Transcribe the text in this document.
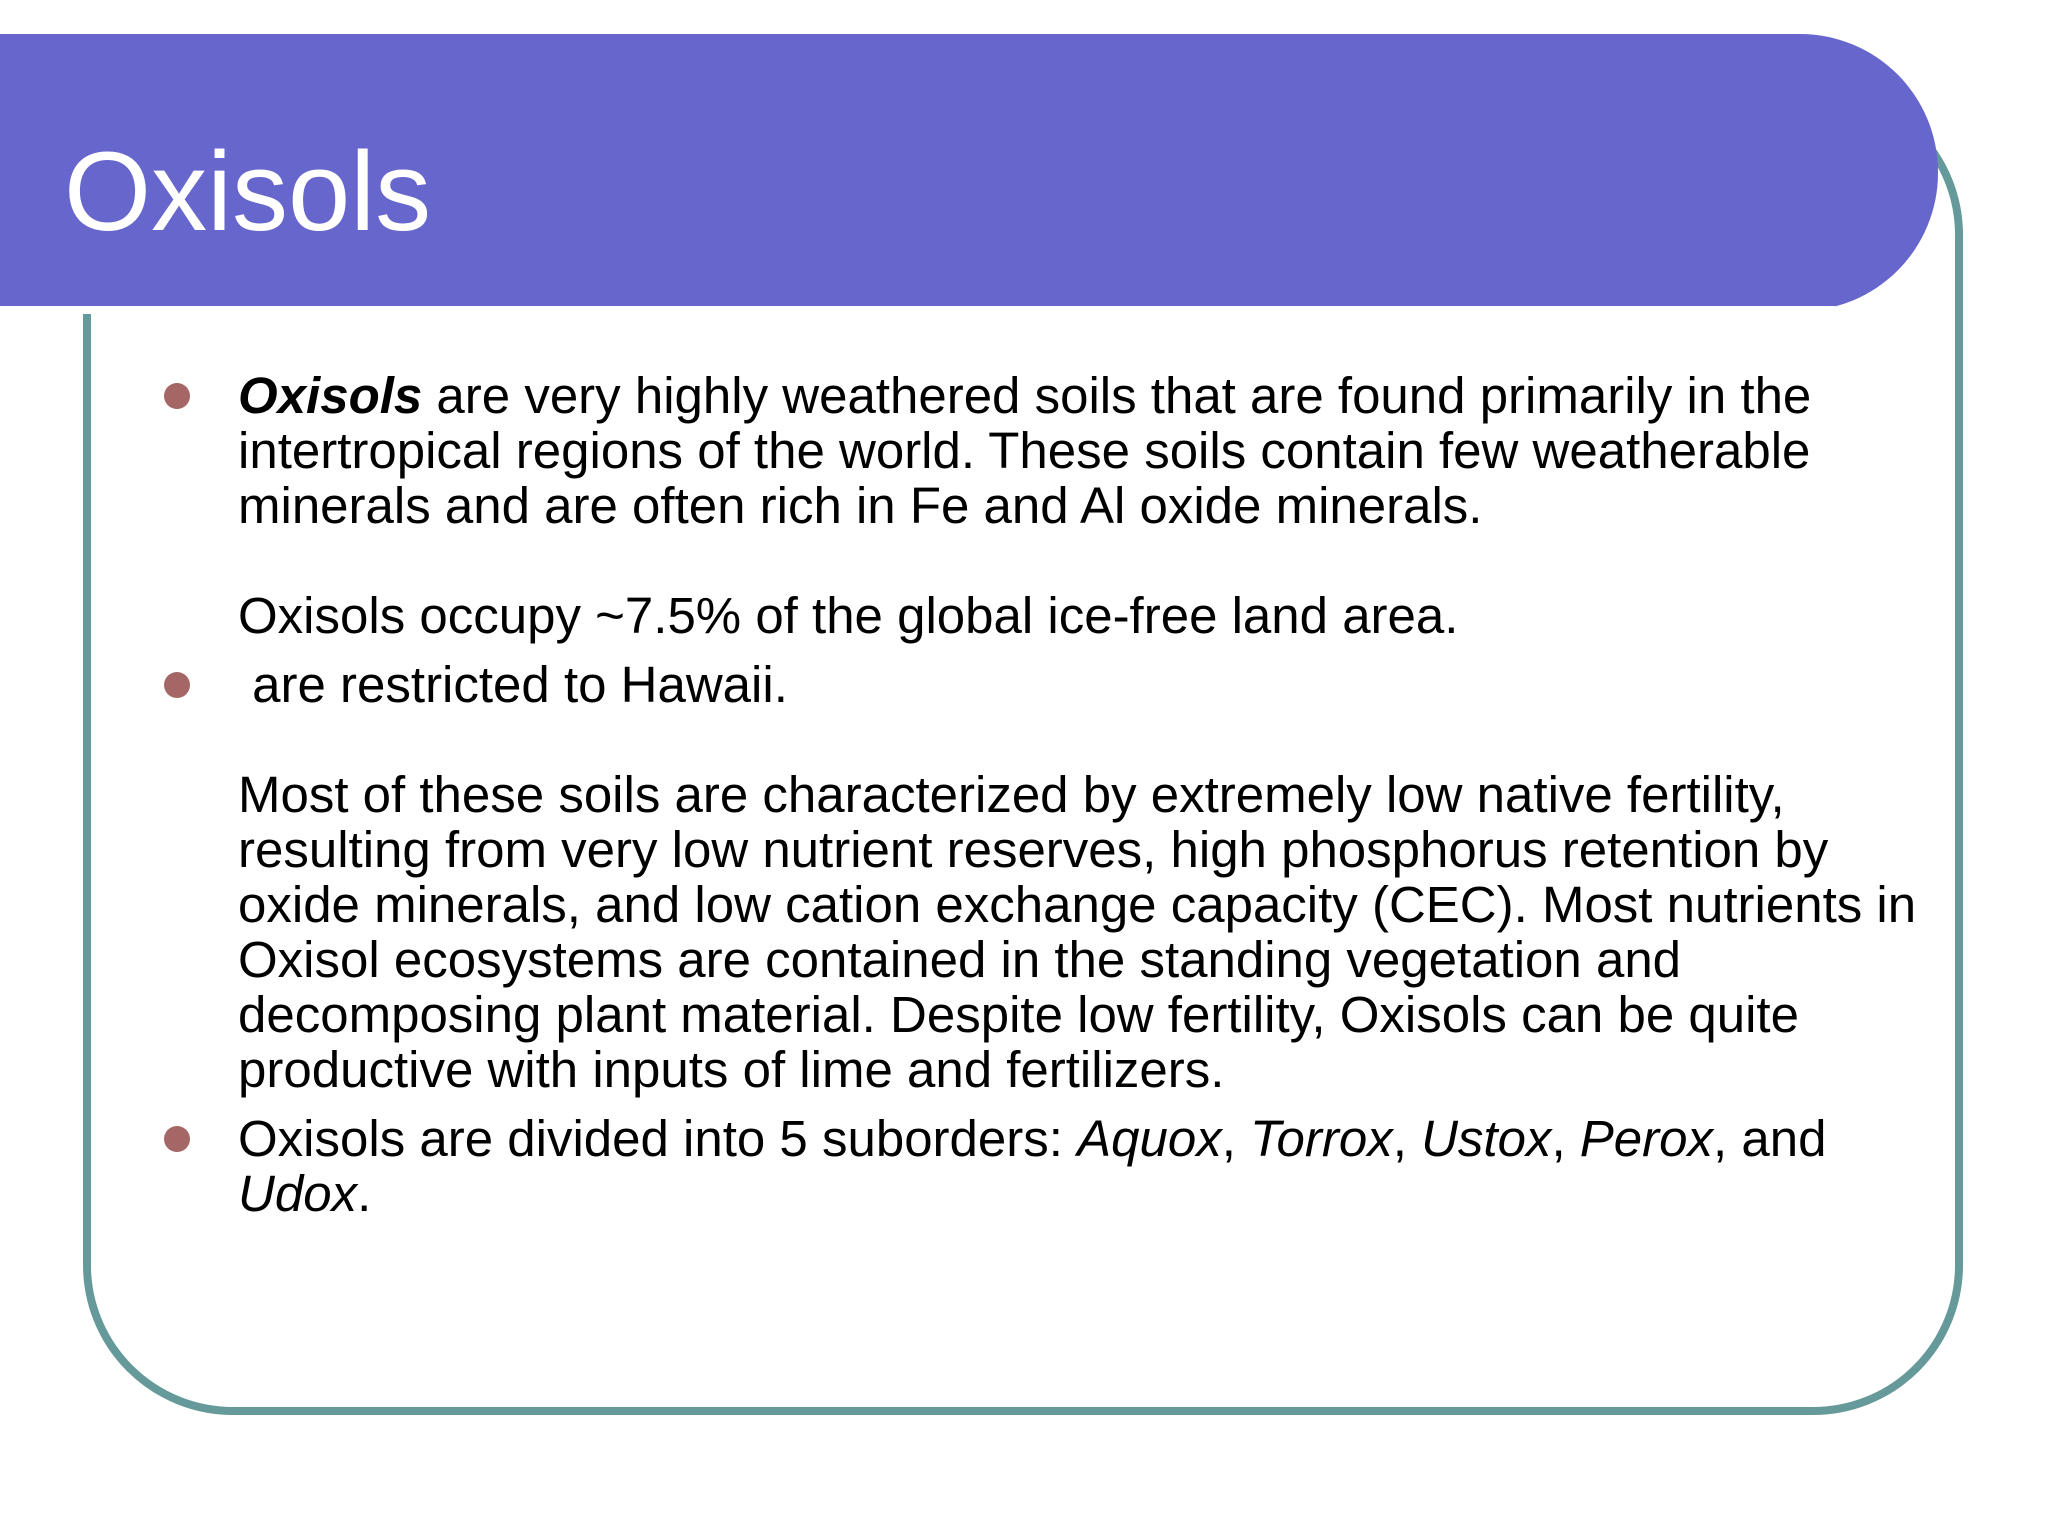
Oxisols

Oxisols are very highly weathered soils that are found primarily in the intertropical regions of the world. These soils contain few weatherable minerals and are often rich in Fe and Al oxide minerals.

Oxisols occupy ~7.5% of the global ice-free land area.

are restricted to Hawaii.

Most of these soils are characterized by extremely low native fertility, resulting from very low nutrient reserves, high phosphorus retention by oxide minerals, and low cation exchange capacity (CEC). Most nutrients in Oxisol ecosystems are contained in the standing vegetation and decomposing plant material. Despite low fertility, Oxisols can be quite productive with inputs of lime and fertilizers.

Oxisols are divided into 5 suborders: Aquox, Torrox, Ustox, Perox, and Udox.
